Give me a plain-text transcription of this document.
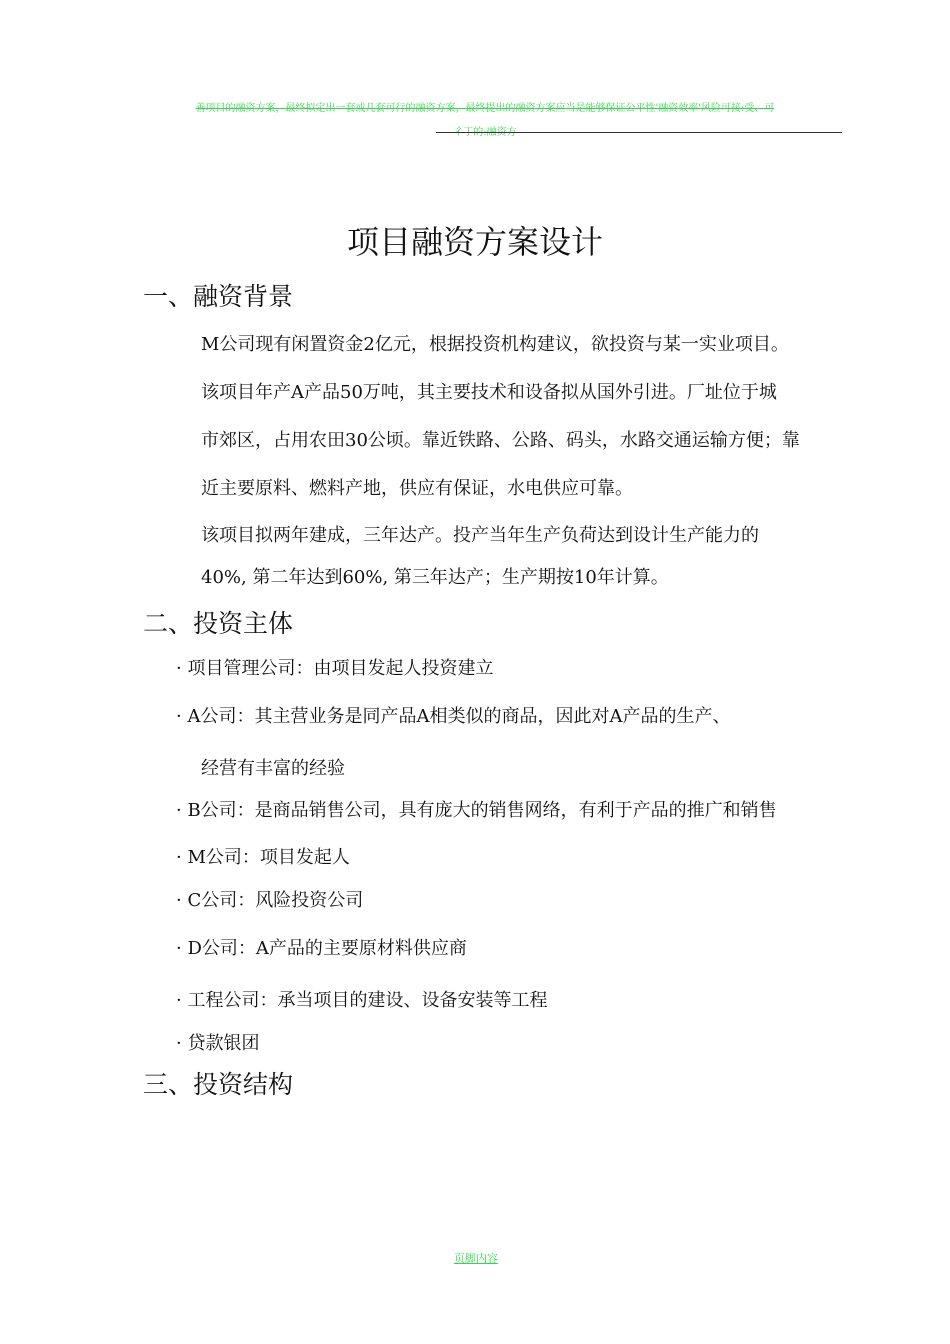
善项目的融资方案，最终拟定出一套或几套可行的融资方案，最终提出的融资方案应当是能够保证公平性'融资效率'风险可接:受、可
彳丁的:融资方
项目融资方案设计
一、融资背景

M公司现有闲置资金2亿元，根据投资机构建议，欲投资与某一实业项目。

该项目年产A产品50万吨，其主要技术和设备拟从国外引进。厂址位于城

市郊区，占用农田30公顷。靠近铁路、公路、码头，水路交通运输方便；靠

近主要原料、燃料产地，供应有保证，水电供应可靠。

该项目拟两年建成，三年达产。投产当年生产负荷达到设计生产能力的

40%, 第二年达到60%, 第三年达产；生产期按10年计算。

二、投资主体

· 项目管理公司：由项目发起人投资建立

· A公司：其主营业务是同产品A相类似的商品，因此对A产品的生产、

经营有丰富的经验

· B公司：是商品销售公司，具有庞大的销售网络，有利于产品的推广和销售

· M公司：项目发起人

· C公司：风险投资公司

· D公司：A产品的主要原材料供应商

· 工程公司：承当项目的建设、设备安装等工程

· 贷款银团

三、投资结构
页脚内容
